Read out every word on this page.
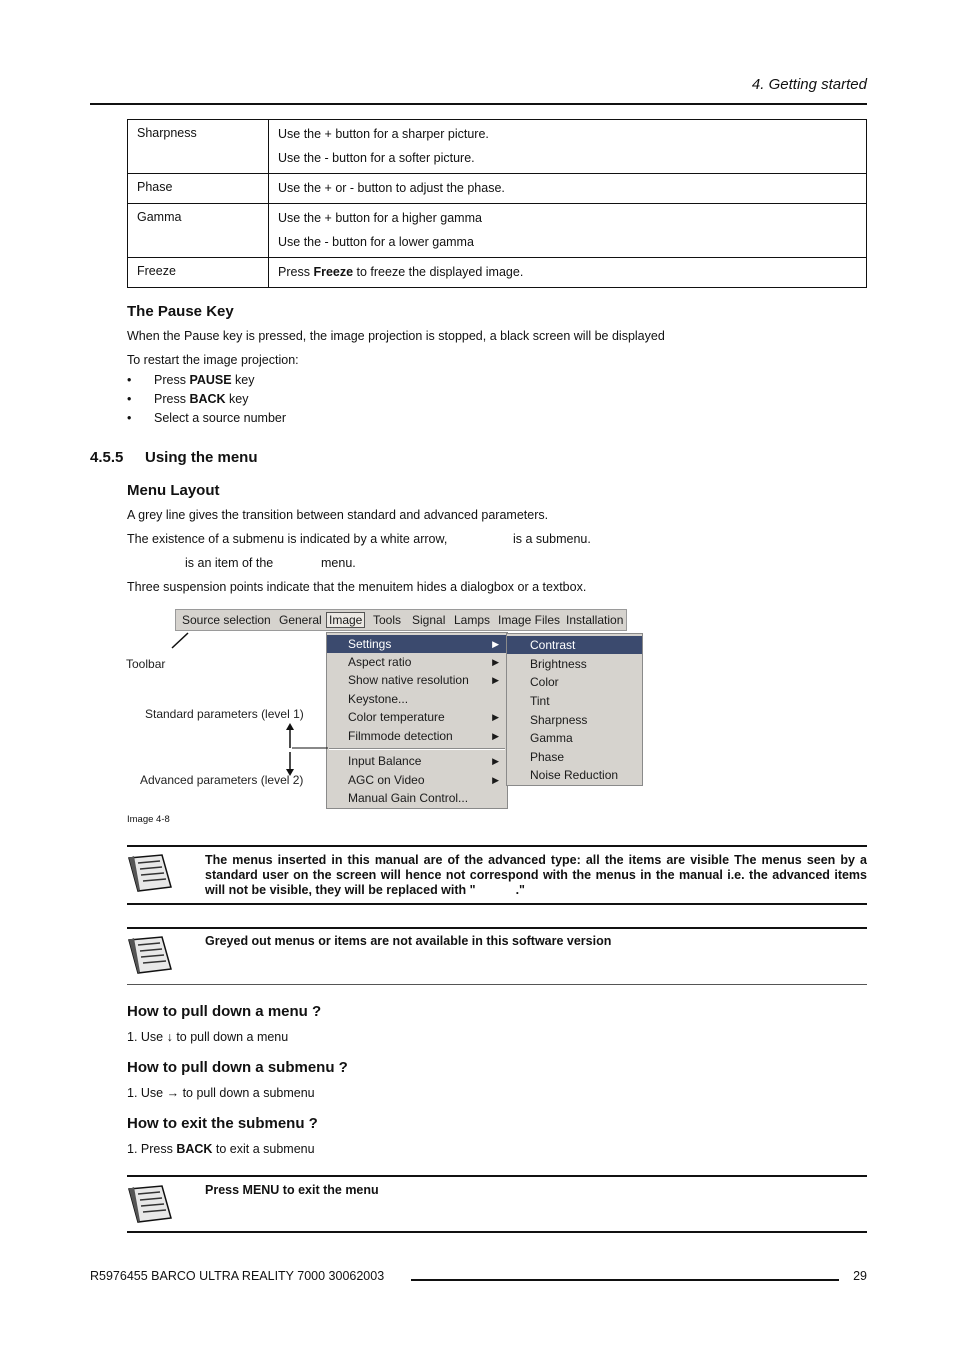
4. Getting started
Sharpness	Use the + button for a sharper picture.
Use the - button for a softer picture.

Phase	Use the + or - button to adjust the phase.

Gamma	Use the + button for a higher gamma
Use the - button for a lower gamma

Freeze	Press Freeze to freeze the displayed image.
The Pause Key

When the Pause key is pressed, the image projection is stopped, a black screen will be displayed

To restart the image projection:

• Press PAUSE key
• Press BACK key
• Select a source number
4.5.5 Using the menu
Menu Layout

A grey line gives the transition between standard and advanced parameters.

The existence of a submenu is indicated by a white arrow,	is a submenu.

is an item of the	menu.

Three suspension points indicate that the menuitem hides a dialogbox or a textbox.

Source selection General Image Tools Signal Lamps Image Files Installation
Settings	▶
Aspect ratio	▶
Show native resolution	▶
Keystone...
Color temperature	▶
Filmmode detection	▶
Input Balance	▶
AGC on Video	▶
Manual Gain Control...
Contrast
Brightness
Color
Tint
Sharpness
Gamma
Phase
Noise Reduction
Toolbar
Standard parameters (level 1)
Advanced parameters (level 2)
Image 4-8
The menus inserted in this manual are of the advanced type: all the items are visible The menus seen by a standard user on the screen will hence not correspond with the menus in the manual i.e. the advanced items will not be visible, they will be replaced with "	."
Greyed out menus or items are not available in this software version
How to pull down a menu ?

1. Use ↓ to pull down a menu

How to pull down a submenu ?

1. Use → to pull down a submenu

How to exit the submenu ?

1. Press BACK to exit a submenu

Press MENU to exit the menu
R5976455 BARCO ULTRA REALITY 7000 30062003	29
